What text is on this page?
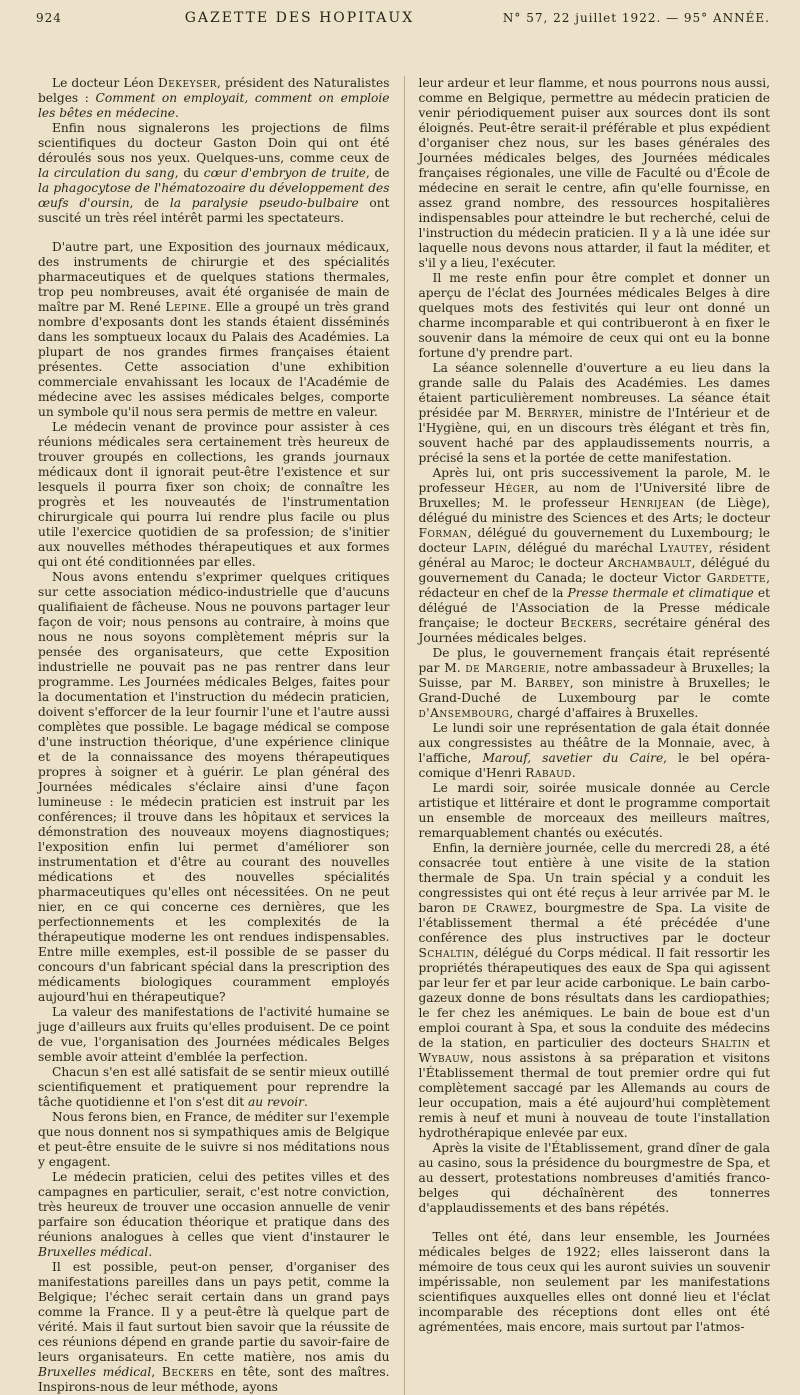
924	GAZETTE DES HOPITAUX	N° 57, 22 juillet 1922. — 95° ANNÉE.

Le docteur Léon Dekeyser, président des Naturalistes belges : Comment on employait, comment on emploie les bêtes en médecine.

Enfin nous signalerons les projections de films scientifiques du docteur Gaston Doin qui ont été déroulés sous nos yeux. Quelques-uns, comme ceux de la circulation du sang, du cœur d'embryon de truite, de la phagocytose de l'hématozoaire du développement des œufs d'oursin, de la paralysie pseudo-bulbaire ont suscité un très réel intérêt parmi les spectateurs.

D'autre part, une Exposition des journaux médicaux, des instruments de chirurgie et des spécialités pharmaceutiques et de quelques stations thermales, trop peu nombreuses, avait été organisée de main de maître par M. René Lepine. Elle a groupé un très grand nombre d'exposants dont les stands étaient disséminés dans les somptueux locaux du Palais des Académies. La plupart de nos grandes firmes françaises étaient présentes. Cette association d'une exhibition commerciale envahissant les locaux de l'Académie de médecine avec les assises médicales belges, comporte un symbole qu'il nous sera permis de mettre en valeur.

Le médecin venant de province pour assister à ces réunions médicales sera certainement très heureux de trouver groupés en collections, les grands journaux médicaux dont il ignorait peut-être l'existence et sur lesquels il pourra fixer son choix; de connaître les progrès et les nouveautés de l'instrumentation chirurgicale qui pourra lui rendre plus facile ou plus utile l'exercice quotidien de sa profession; de s'initier aux nouvelles méthodes thérapeutiques et aux formes qui ont été conditionnées par elles.

Nous avons entendu s'exprimer quelques critiques sur cette association médico-industrielle que d'aucuns qualifiaient de fâcheuse. Nous ne pouvons partager leur façon de voir; nous pensons au contraire, à moins que nous ne nous soyons complètement mépris sur la pensée des organisateurs, que cette Exposition industrielle ne pouvait pas ne pas rentrer dans leur programme. Les Journées médicales Belges, faites pour la documentation et l'instruction du médecin praticien, doivent s'efforcer de la leur fournir l'une et l'autre aussi complètes que possible. Le bagage médical se compose d'une instruction théorique, d'une expérience clinique et de la connaissance des moyens thérapeutiques propres à soigner et à guérir. Le plan général des Journées médicales s'éclaire ainsi d'une façon lumineuse : le médecin praticien est instruit par les conférences; il trouve dans les hôpitaux et services la démonstration des nouveaux moyens diagnostiques; l'exposition enfin lui permet d'améliorer son instrumentation et d'être au courant des nouvelles médications et des nouvelles spécialités pharmaceutiques qu'elles ont nécessitées. On ne peut nier, en ce qui concerne ces dernières, que les perfectionnements et les complexités de la thérapeutique moderne les ont rendues indispensables. Entre mille exemples, est-il possible de se passer du concours d'un fabricant spécial dans la prescription des médicaments biologiques couramment employés aujourd'hui en thérapeutique?

La valeur des manifestations de l'activité humaine se juge d'ailleurs aux fruits qu'elles produisent. De ce point de vue, l'organisation des Journées médicales Belges semble avoir atteint d'emblée la perfection.

Chacun s'en est allé satisfait de se sentir mieux outillé scientifiquement et pratiquement pour reprendre la tâche quotidienne et l'on s'est dit au revoir.

Nous ferons bien, en France, de méditer sur l'exemple que nous donnent nos si sympathiques amis de Belgique et peut-être ensuite de le suivre si nos méditations nous y engagent.

Le médecin praticien, celui des petites villes et des campagnes en particulier, serait, c'est notre conviction, très heureux de trouver une occasion annuelle de venir parfaire son éducation théorique et pratique dans des réunions analogues à celles que vient d'instaurer le Bruxelles médical.

Il est possible, peut-on penser, d'organiser des manifestations pareilles dans un pays petit, comme la Belgique; l'échec serait certain dans un grand pays comme la France. Il y a peut-être là quelque part de vérité. Mais il faut surtout bien savoir que la réussite de ces réunions dépend en grande partie du savoir-faire de leurs organisateurs. En cette matière, nos amis du Bruxelles médical, Beckers en tête, sont des maîtres. Inspirons-nous de leur méthode, ayons

leur ardeur et leur flamme, et nous pourrons nous aussi, comme en Belgique, permettre au médecin praticien de venir périodiquement puiser aux sources dont ils sont éloignés. Peut-être serait-il préférable et plus expédient d'organiser chez nous, sur les bases générales des Journées médicales belges, des Journées médicales françaises régionales, une ville de Faculté ou d'École de médecine en serait le centre, afin qu'elle fournisse, en assez grand nombre, des ressources hospitalières indispensables pour atteindre le but recherché, celui de l'instruction du médecin praticien. Il y a là une idée sur laquelle nous devons nous attarder, il faut la méditer, et s'il y a lieu, l'exécuter.

Il me reste enfin pour être complet et donner un aperçu de l'éclat des Journées médicales Belges à dire quelques mots des festivités qui leur ont donné un charme incomparable et qui contribueront à en fixer le souvenir dans la mémoire de ceux qui ont eu la bonne fortune d'y prendre part.

La séance solennelle d'ouverture a eu lieu dans la grande salle du Palais des Académies. Les dames étaient particulièrement nombreuses. La séance était présidée par M. Berryer, ministre de l'Intérieur et de l'Hygiène, qui, en un discours très élégant et très fin, souvent haché par des applaudissements nourris, a précisé la sens et la portée de cette manifestation.

Après lui, ont pris successivement la parole, M. le professeur Héger, au nom de l'Université libre de Bruxelles; M. le professeur Henrijean (de Liège), délégué du ministre des Sciences et des Arts; le docteur Forman, délégué du gouvernement du Luxembourg; le docteur Lapin, délégué du maréchal Lyautey, résident général au Maroc; le docteur Archambault, délégué du gouvernement du Canada; le docteur Victor Gardette, rédacteur en chef de la Presse thermale et climatique et délégué de l'Association de la Presse médicale française; le docteur Beckers, secrétaire général des Journées médicales belges.

De plus, le gouvernement français était représenté par M. de Margerie, notre ambassadeur à Bruxelles; la Suisse, par M. Barbey, son ministre à Bruxelles; le Grand-Duché de Luxembourg par le comte d'Ansembourg, chargé d'affaires à Bruxelles.

Le lundi soir une représentation de gala était donnée aux congressistes au théâtre de la Monnaie, avec, à l'affiche, Marouf, savetier du Caire, le bel opéra-comique d'Henri Rabaud.

Le mardi soir, soirée musicale donnée au Cercle artistique et littéraire et dont le programme comportait un ensemble de morceaux des meilleurs maîtres, remarquablement chantés ou exécutés.

Enfin, la dernière journée, celle du mercredi 28, a été consacrée tout entière à une visite de la station thermale de Spa. Un train spécial y a conduit les congressistes qui ont été reçus à leur arrivée par M. le baron de Crawez, bourgmestre de Spa. La visite de l'établissement thermal a été précédée d'une conférence des plus instructives par le docteur Schaltin, délégué du Corps médical. Il fait ressortir les propriétés thérapeutiques des eaux de Spa qui agissent par leur fer et par leur acide carbonique. Le bain carbo-gazeux donne de bons résultats dans les cardiopathies; le fer chez les anémiques. Le bain de boue est d'un emploi courant à Spa, et sous la conduite des médecins de la station, en particulier des docteurs Shaltin et Wybauw, nous assistons à sa préparation et visitons l'Établissement thermal de tout premier ordre qui fut complètement saccagé par les Allemands au cours de leur occupation, mais a été aujourd'hui complètement remis à neuf et muni à nouveau de toute l'installation hydrothérapique enlevée par eux.

Après la visite de l'Établissement, grand dîner de gala au casino, sous la présidence du bourgmestre de Spa, et au dessert, protestations nombreuses d'amitiés franco-belges qui déchaînèrent des tonnerres d'applaudissements et des bans répétés.

Telles ont été, dans leur ensemble, les Journées médicales belges de 1922; elles laisseront dans la mémoire de tous ceux qui les auront suivies un souvenir impérissable, non seulement par les manifestations scientifiques auxquelles elles ont donné lieu et l'éclat incomparable des réceptions dont elles ont été agrémentées, mais encore, mais surtout par l'atmos-
